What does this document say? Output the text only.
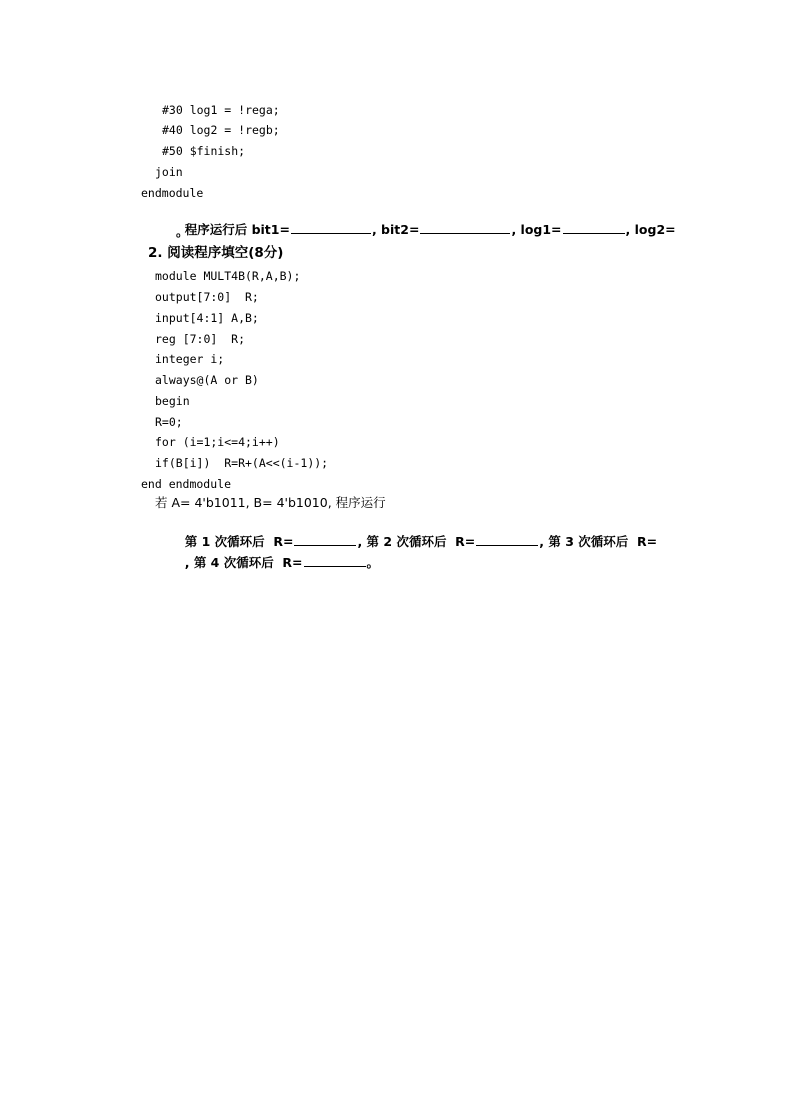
#30 log1 = !rega;
#40 log2 = !regb;
#50 $finish;
join
endmodule

程序运行后 bit1=	, bit2=	, log1=	, log2=

。
2. 阅读程序填空(8分)
module MULT4B(R,A,B);
output[7:0]  R;
input[4:1] A,B;
reg [7:0]  R;
integer i;
always@(A or B)
begin
R=0;
for (i=1;i<=4;i++)
if(B[i])  R=R+(A<<(i-1));
end endmodule
若 A= 4'b1011, B= 4'b1010, 程序运行

第 1 次循环后  R=	, 第 2 次循环后  R=	, 第 3 次循环后  R=

, 第 4 次循环后  R=	。
